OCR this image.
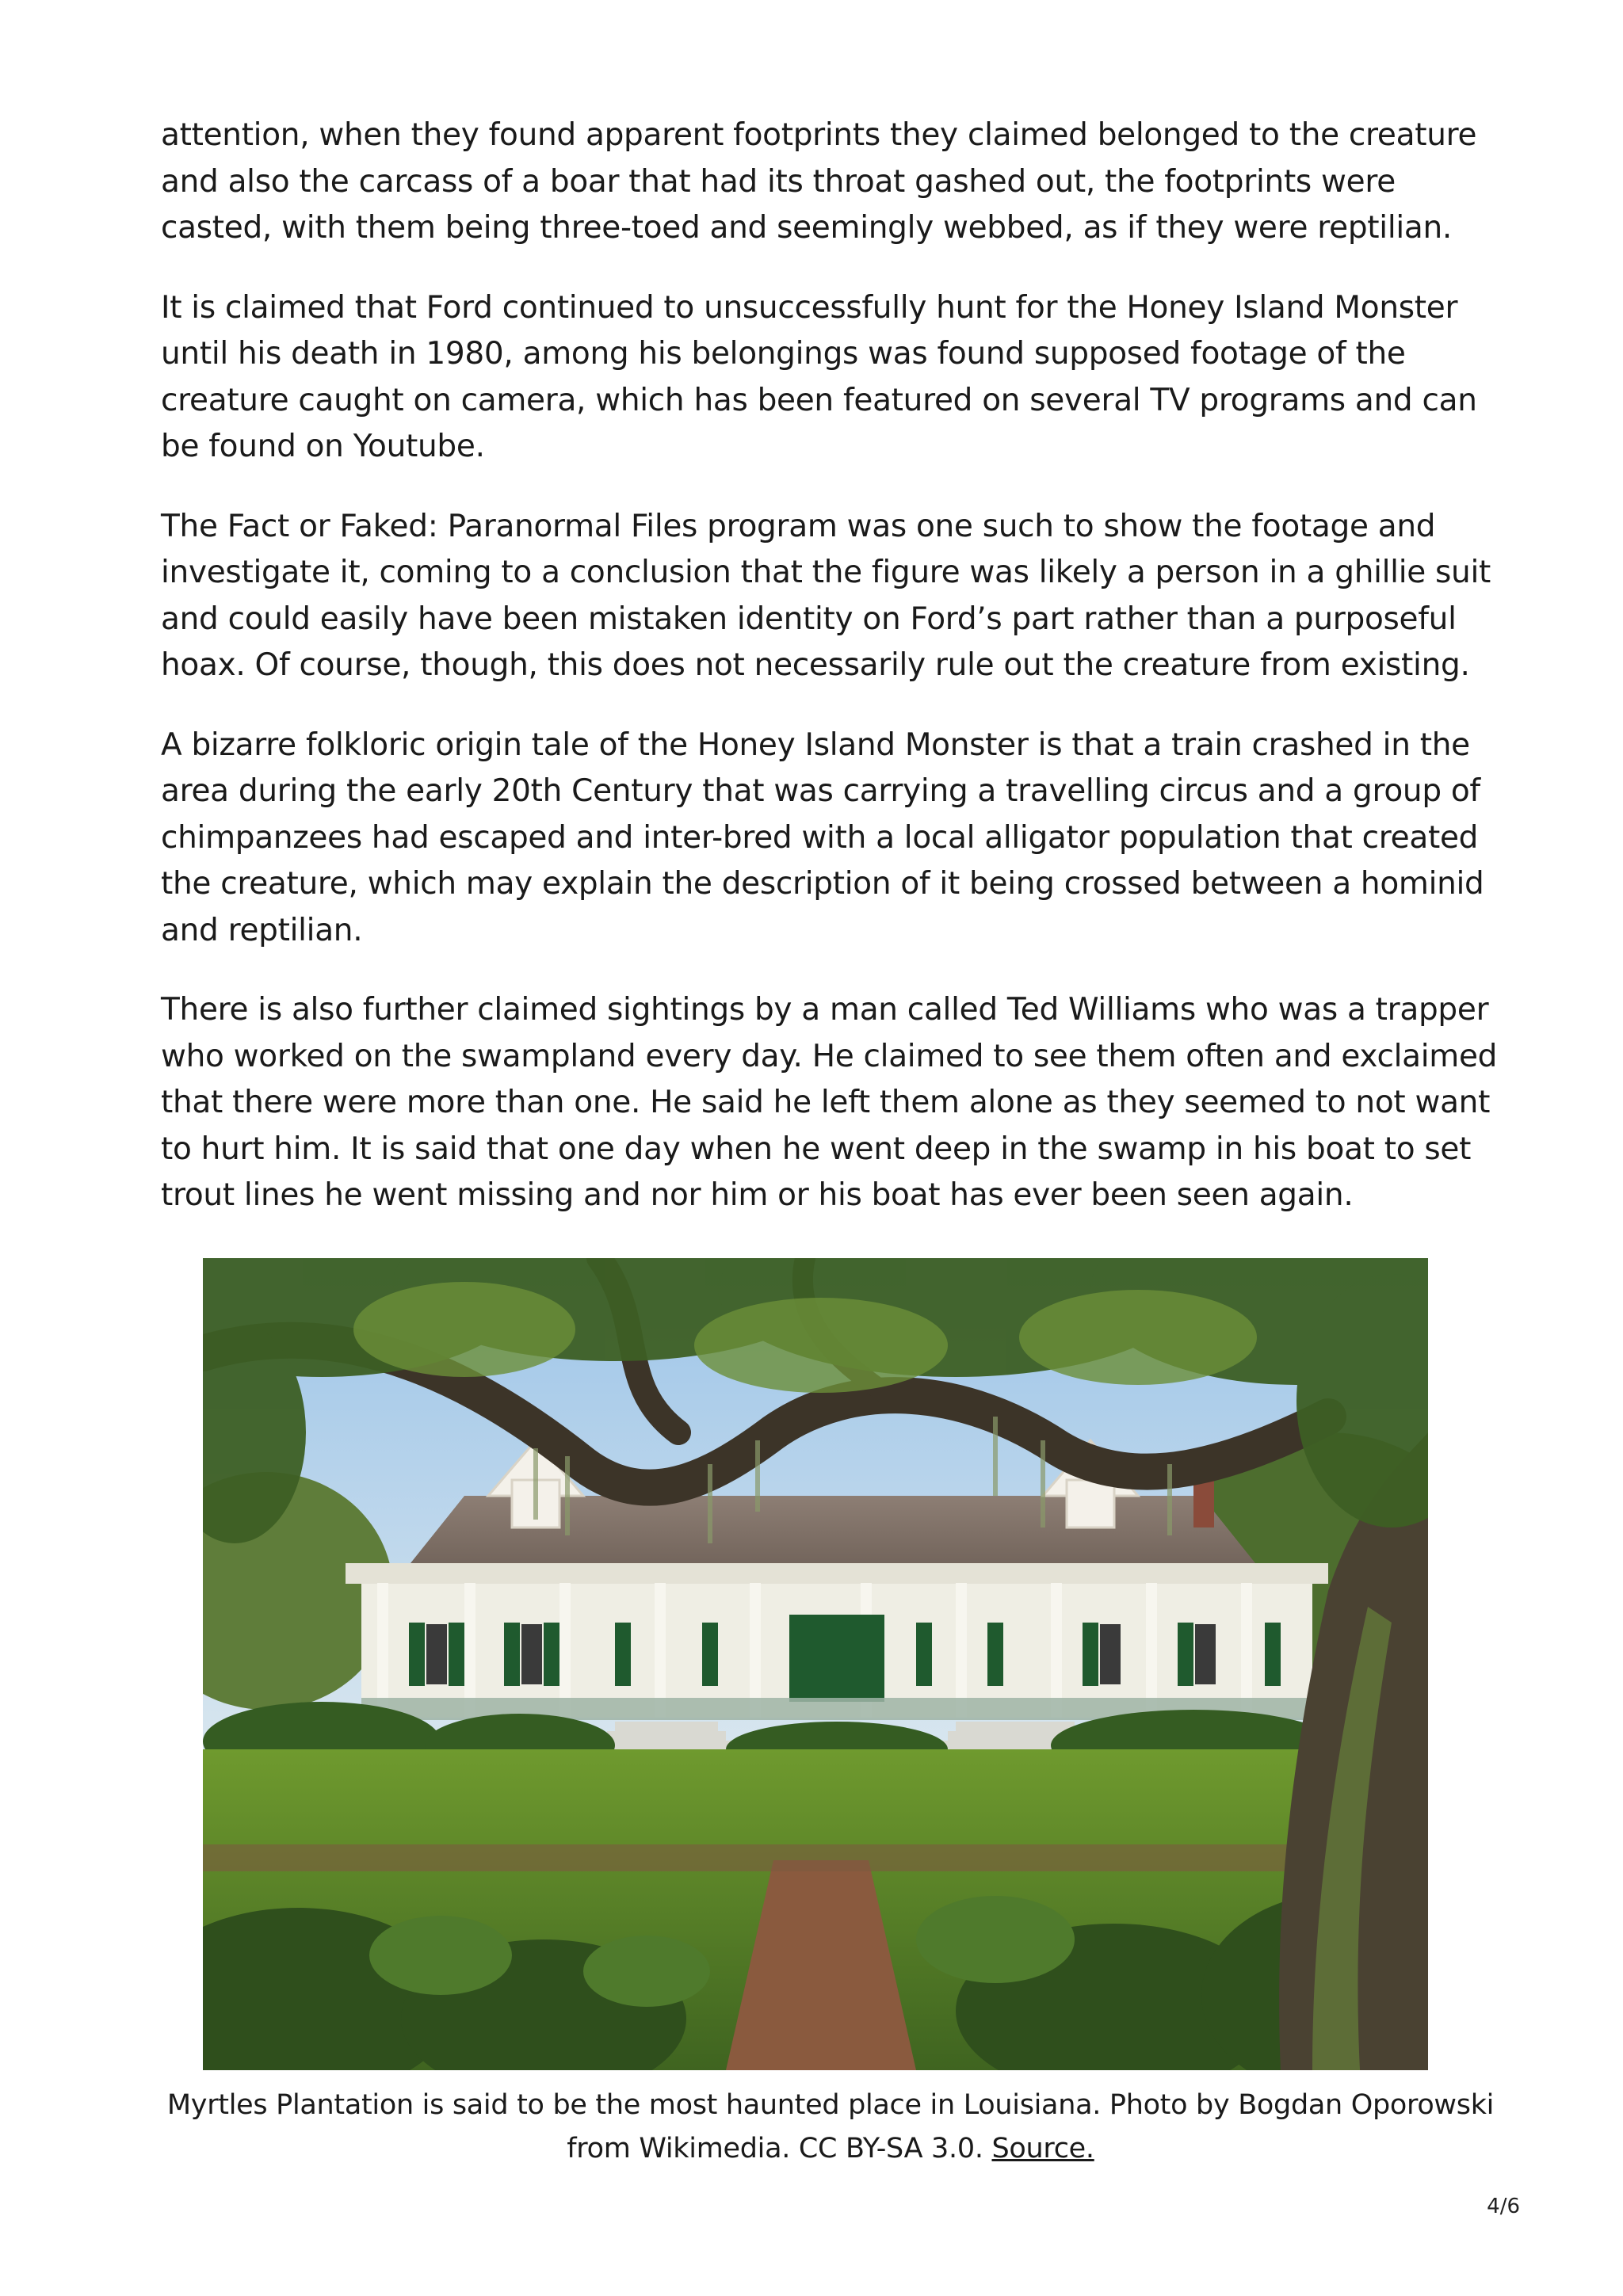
attention, when they found apparent footprints they claimed belonged to the creature and also the carcass of a boar that had its throat gashed out, the footprints were casted, with them being three-toed and seemingly webbed, as if they were reptilian.

It is claimed that Ford continued to unsuccessfully hunt for the Honey Island Monster until his death in 1980, among his belongings was found supposed footage of the creature caught on camera, which has been featured on several TV programs and can be found on Youtube.

The Fact or Faked: Paranormal Files program was one such to show the footage and investigate it, coming to a conclusion that the figure was likely a person in a ghillie suit and could easily have been mistaken identity on Ford’s part rather than a purposeful hoax. Of course, though, this does not necessarily rule out the creature from existing.

A bizarre folkloric origin tale of the Honey Island Monster is that a train crashed in the area during the early 20th Century that was carrying a travelling circus and a group of chimpanzees had escaped and inter-bred with a local alligator population that created the creature, which may explain the description of it being crossed between a hominid and reptilian.

There is also further claimed sightings by a man called Ted Williams who was a trapper who worked on the swampland every day. He claimed to see them often and exclaimed that there were more than one. He said he left them alone as they seemed to not want to hurt him. It is said that one day when he went deep in the swamp in his boat to set trout lines he went missing and nor him or his boat has ever been seen again.

Myrtles Plantation is said to be the most haunted place in Louisiana. Photo by Bogdan Oporowski from Wikimedia. CC BY-SA 3.0. Source.
4/6
